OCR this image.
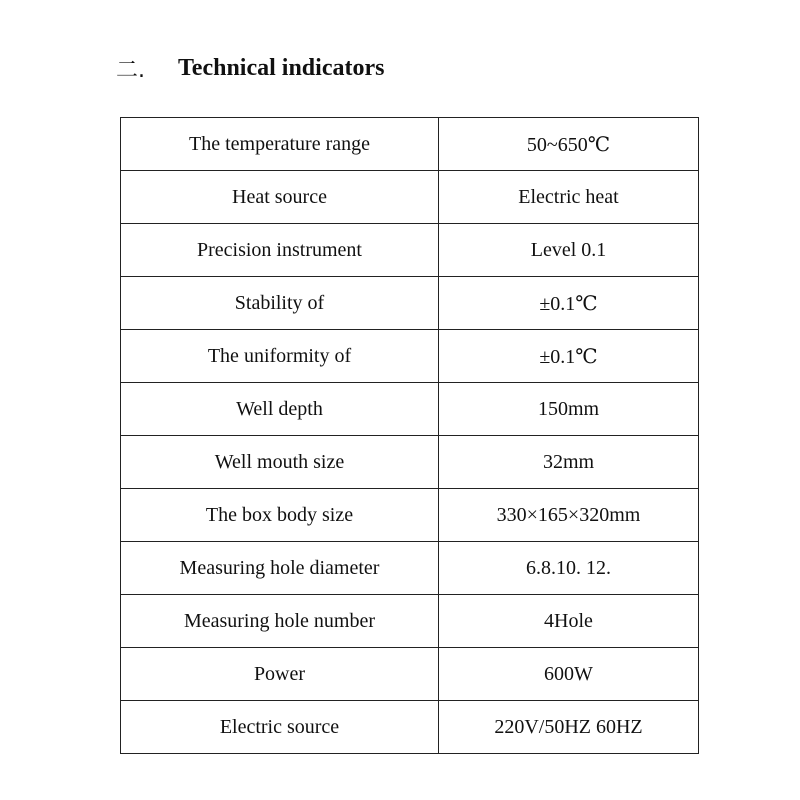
二.	Technical indicators
The temperature range	50~650℃
Heat source	Electric heat
Precision instrument	Level 0.1
Stability of	±0.1℃
The uniformity of	±0.1℃
Well depth	150mm
Well mouth size	32mm
The box body size	330×165×320mm
Measuring hole diameter	6.8.10. 12.
Measuring hole number	4Hole
Power	600W
Electric source	220V/50HZ 60HZ
